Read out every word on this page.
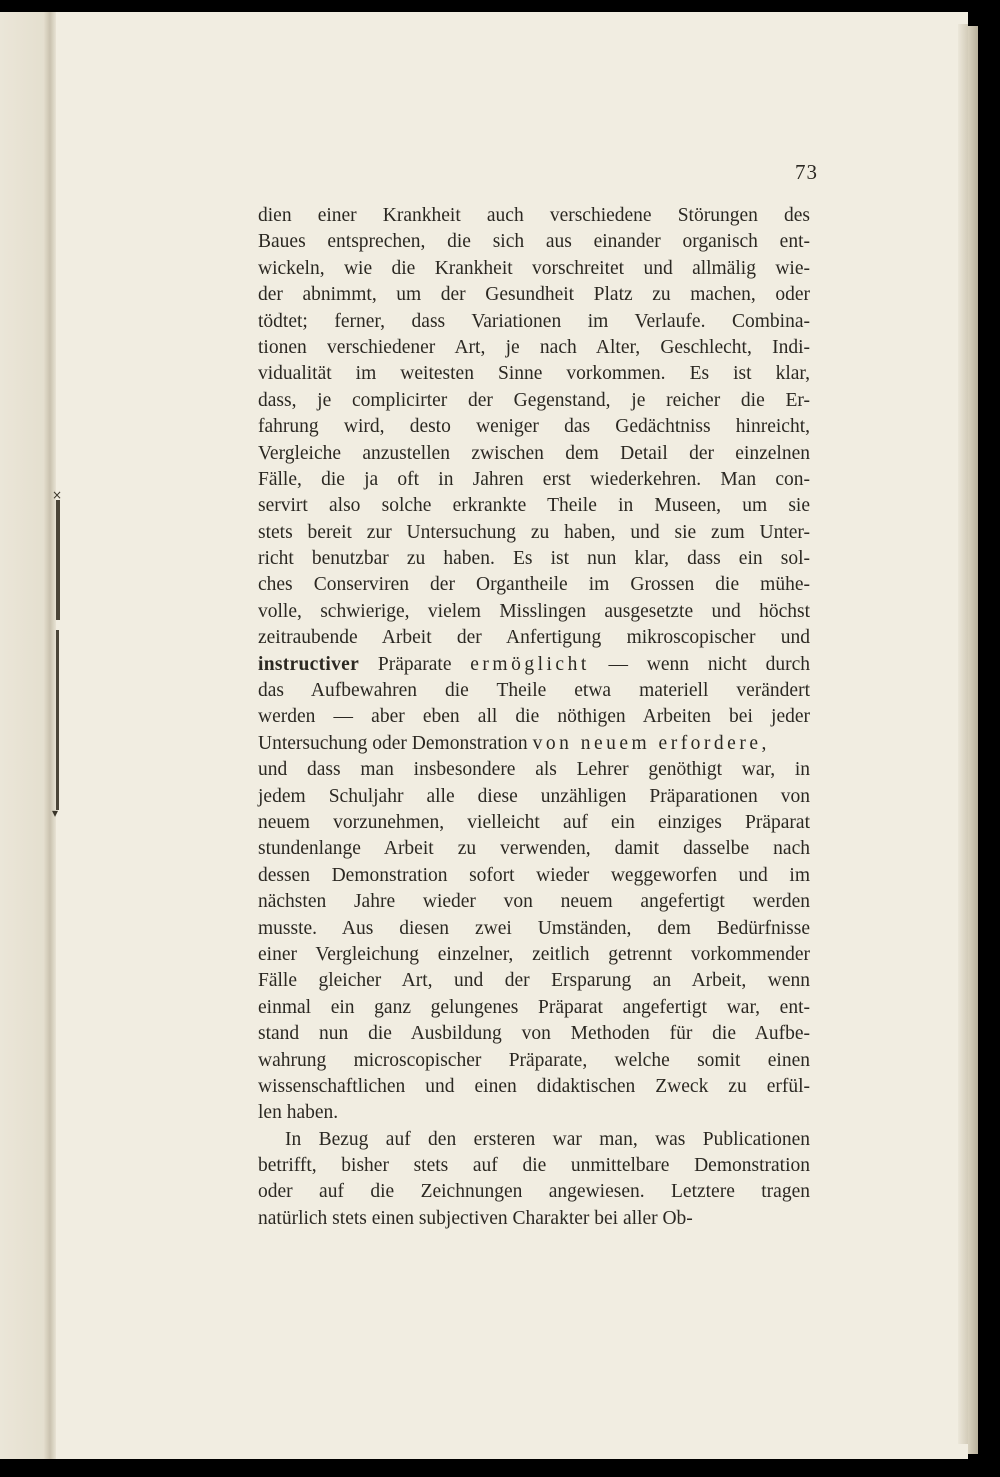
×
▾
73
dien einer Krankheit auch verschiedene Störungen des
Baues entsprechen, die sich aus einander organisch ent-
wickeln, wie die Krankheit vorschreitet und allmälig wie-
der abnimmt, um der Gesundheit Platz zu machen, oder
tödtet; ferner, dass Variationen im Verlaufe. Combina-
tionen verschiedener Art, je nach Alter, Geschlecht, Indi-
vidualität im weitesten Sinne vorkommen. Es ist klar,
dass, je complicirter der Gegenstand, je reicher die Er-
fahrung wird, desto weniger das Gedächtniss hinreicht,
Vergleiche anzustellen zwischen dem Detail der einzelnen
Fälle, die ja oft in Jahren erst wiederkehren. Man con-
servirt also solche erkrankte Theile in Museen, um sie
stets bereit zur Untersuchung zu haben, und sie zum Unter-
richt benutzbar zu haben. Es ist nun klar, dass ein sol-
ches Conserviren der Organtheile im Grossen die mühe-
volle, schwierige, vielem Misslingen ausgesetzte und höchst
zeitraubende Arbeit der Anfertigung mikroscopischer und
instructiver Präparate ermöglicht — wenn nicht durch
das Aufbewahren die Theile etwa materiell verändert
werden — aber eben all die nöthigen Arbeiten bei jeder
Untersuchung oder Demonstration von neuem erfordere,
und dass man insbesondere als Lehrer genöthigt war, in
jedem Schuljahr alle diese unzähligen Präparationen von
neuem vorzunehmen, vielleicht auf ein einziges Präparat
stundenlange Arbeit zu verwenden, damit dasselbe nach
dessen Demonstration sofort wieder weggeworfen und im
nächsten Jahre wieder von neuem angefertigt werden
musste. Aus diesen zwei Umständen, dem Bedürfnisse
einer Vergleichung einzelner, zeitlich getrennt vorkommender
Fälle gleicher Art, und der Ersparung an Arbeit, wenn
einmal ein ganz gelungenes Präparat angefertigt war, ent-
stand nun die Ausbildung von Methoden für die Aufbe-
wahrung microscopischer Präparate, welche somit einen
wissenschaftlichen und einen didaktischen Zweck zu erfül-
len haben.
In Bezug auf den ersteren war man, was Publicationen
betrifft, bisher stets auf die unmittelbare Demonstration
oder auf die Zeichnungen angewiesen. Letztere tragen
natürlich stets einen subjectiven Charakter bei aller Ob-
